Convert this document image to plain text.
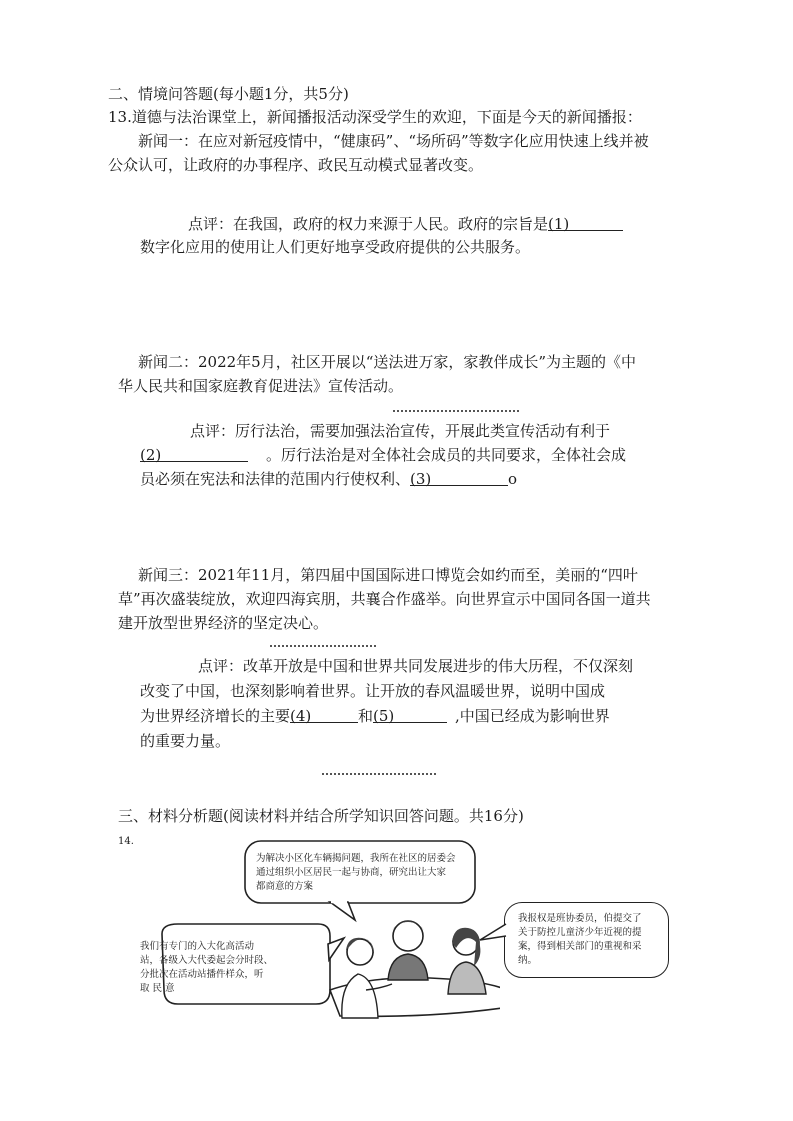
二、情境问答题(每小题1分，共5分)
13.道德与法治课堂上，新闻播报活动深受学生的欢迎，下面是今天的新闻播报：
新闻一：在应对新冠疫情中，“健康码”、“场所码”等数字化应用快速上线并被
公众认可，让政府的办事程序、政民互动模式显著改变。
点评：在我国，政府的权力来源于人民。政府的宗旨是(1)
数字化应用的使用让人们更好地享受政府提供的公共服务。
新闻二：2022年5月，社区开展以“送法进万家，家教伴成长”为主题的《中
华人民共和国家庭教育促进法》宣传活动。
点评：厉行法治，需要加强法治宣传，开展此类宣传活动有利于
(2)	。厉行法治是对全体社会成员的共同要求，全体社会成
员必须在宪法和法律的范围内行使权利、(3)	o
新闻三：2021年11月，第四届中国国际进口博览会如约而至，美丽的“四叶
草”再次盛装绽放，欢迎四海宾朋，共襄合作盛举。向世界宣示中国同各国一道共
建开放型世界经济的坚定决心。
点评：改革开放是中国和世界共同发展进步的伟大历程，不仅深刻
改变了中国，也深刻影响着世界。让开放的春风温暖世界，说明中国成
为世界经济增长的主要(4)	和(5)	,中国已经成为影响世界
的重要力量。
三、材料分析题(阅读材料并结合所学知识回答问题。共16分)
14.
为解决小区化车辆揭问题，我所在社区的居委会
通过组织小区居民一起与协商，研究出让大家
都商意的方案
我们有专门的入大化高活动
站，各级入大代委起会分时段、
分批次在活动站播件样众，听
取 民 意
我报权是班协委员，伯提交了
关于防控儿童济少年近视的提
案，得到相关部门的重视和采
纳。
